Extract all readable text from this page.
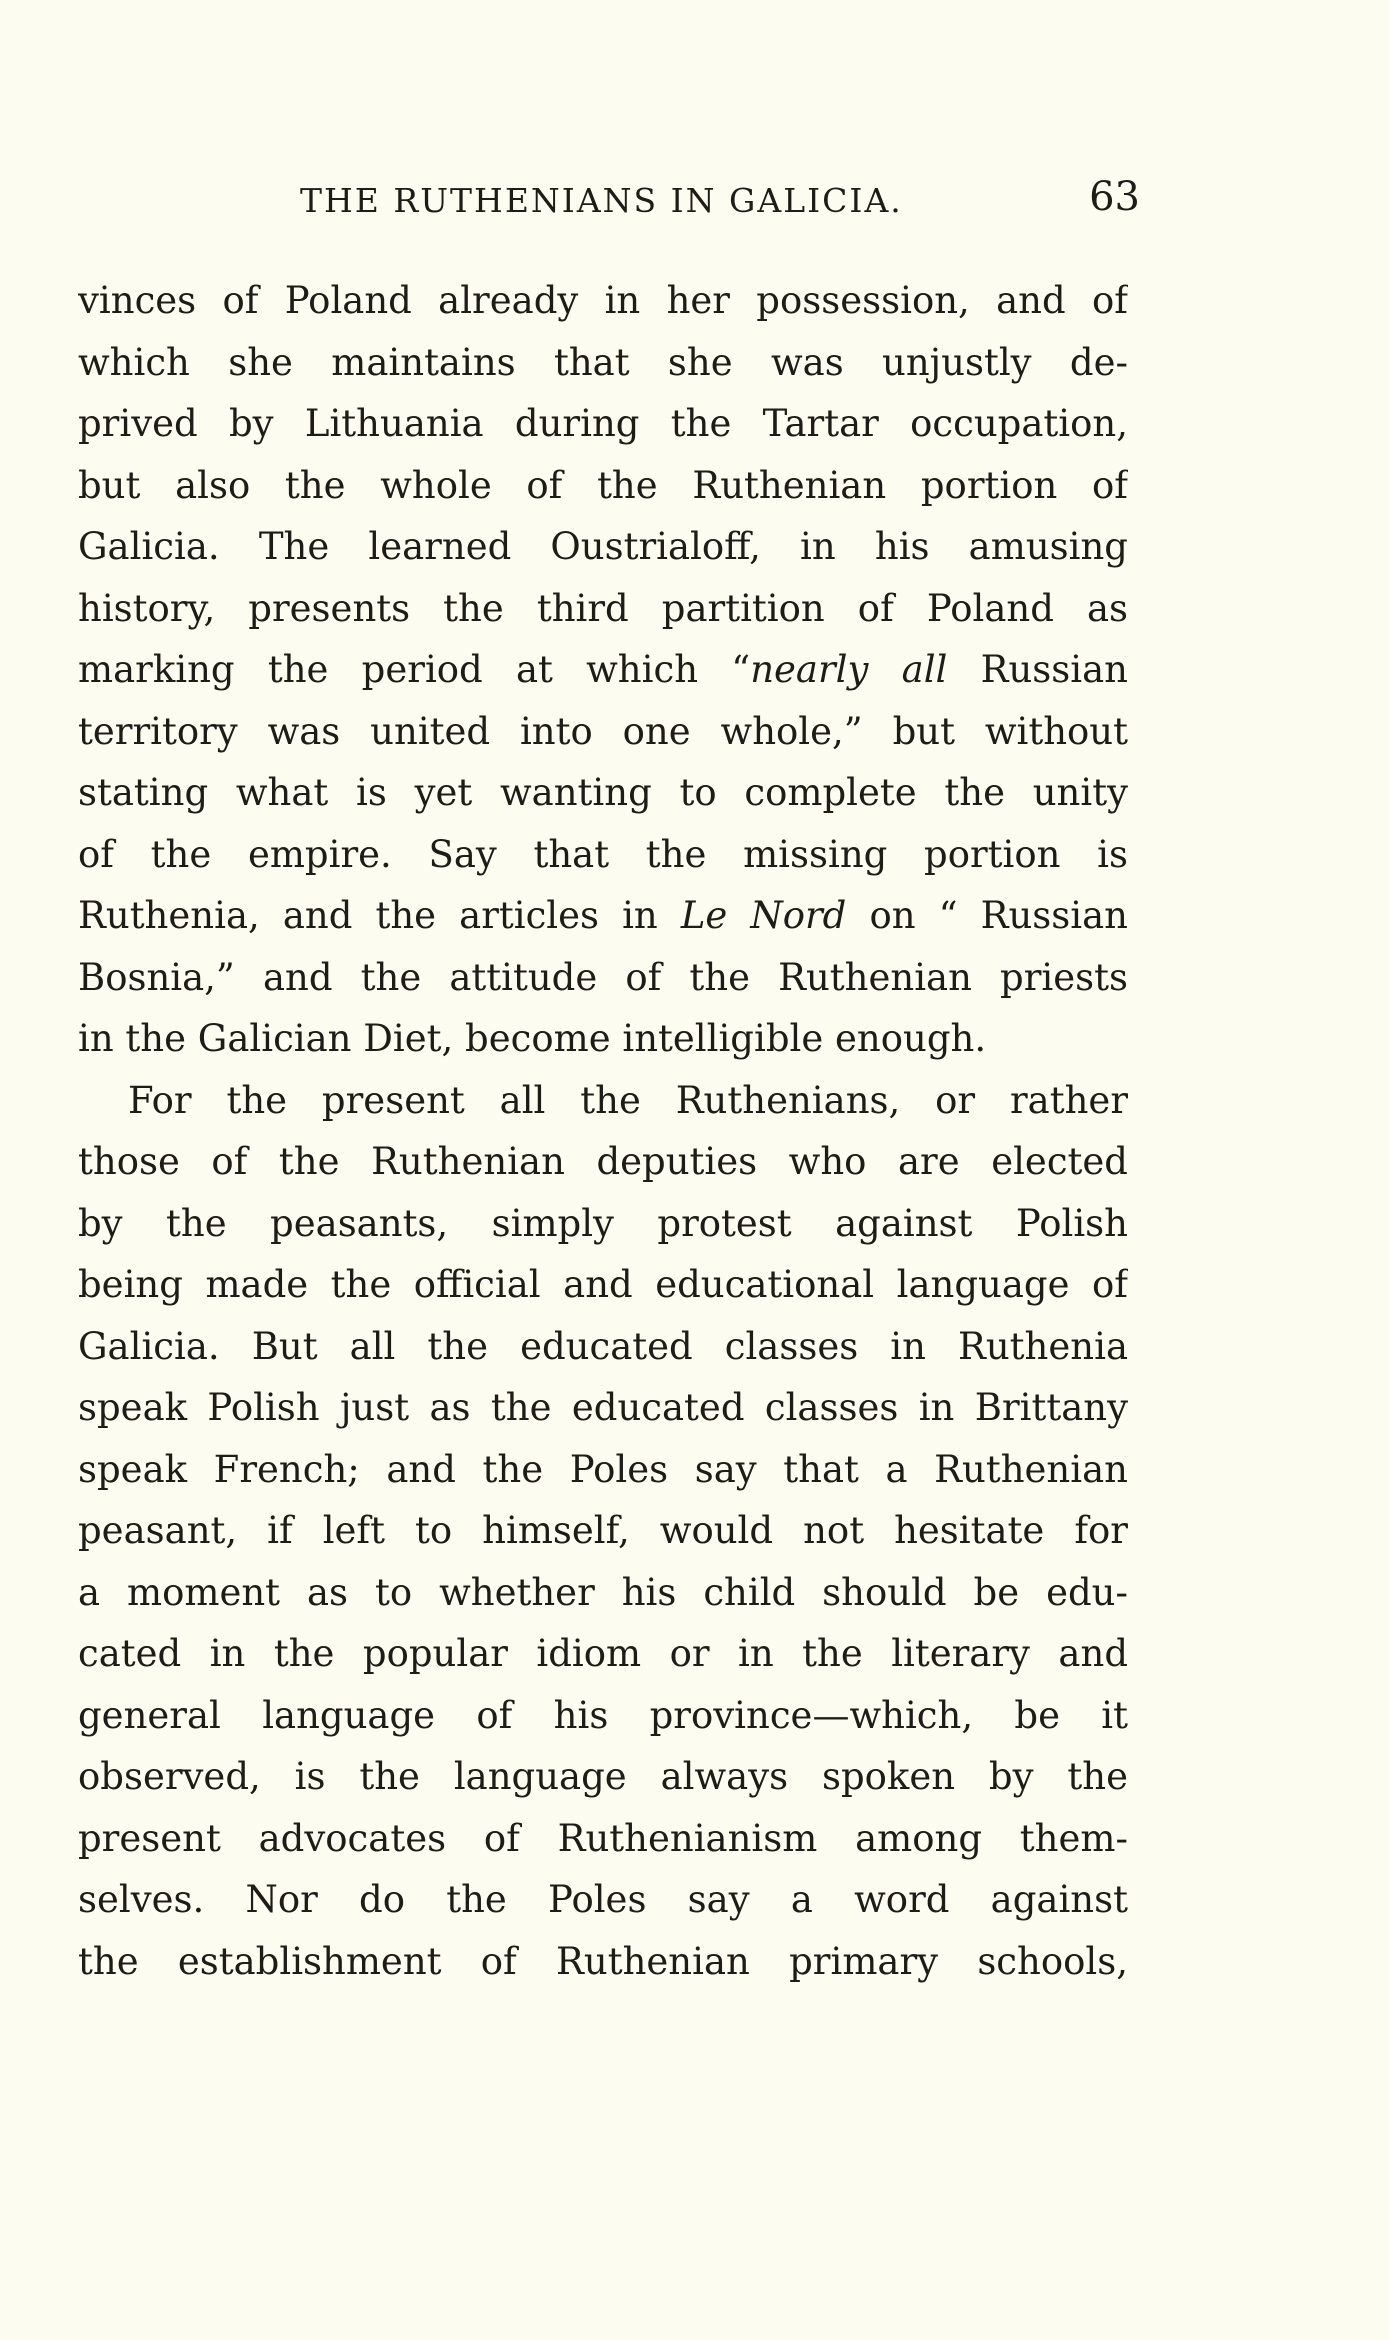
THE RUTHENIANS IN GALICIA.	63
vinces of Poland already in her possession, and of
which she maintains that she was unjustly de-
prived by Lithuania during the Tartar occupation,
but also the whole of the Ruthenian portion of
Galicia. The learned Oustrialoff, in his amusing
history, presents the third partition of Poland as
marking the period at which “nearly all Russian
territory was united into one whole,” but without
stating what is yet wanting to complete the unity
of the empire. Say that the missing portion is
Ruthenia, and the articles in Le Nord on “ Russian
Bosnia,” and the attitude of the Ruthenian priests
in the Galician Diet, become intelligible enough.
For the present all the Ruthenians, or rather
those of the Ruthenian deputies who are elected
by the peasants, simply protest against Polish
being made the official and educational language of
Galicia. But all the educated classes in Ruthenia
speak Polish just as the educated classes in Brittany
speak French; and the Poles say that a Ruthenian
peasant, if left to himself, would not hesitate for
a moment as to whether his child should be edu-
cated in the popular idiom or in the literary and
general language of his province—which, be it
observed, is the language always spoken by the
present advocates of Ruthenianism among them-
selves. Nor do the Poles say a word against
the establishment of Ruthenian primary schools,
